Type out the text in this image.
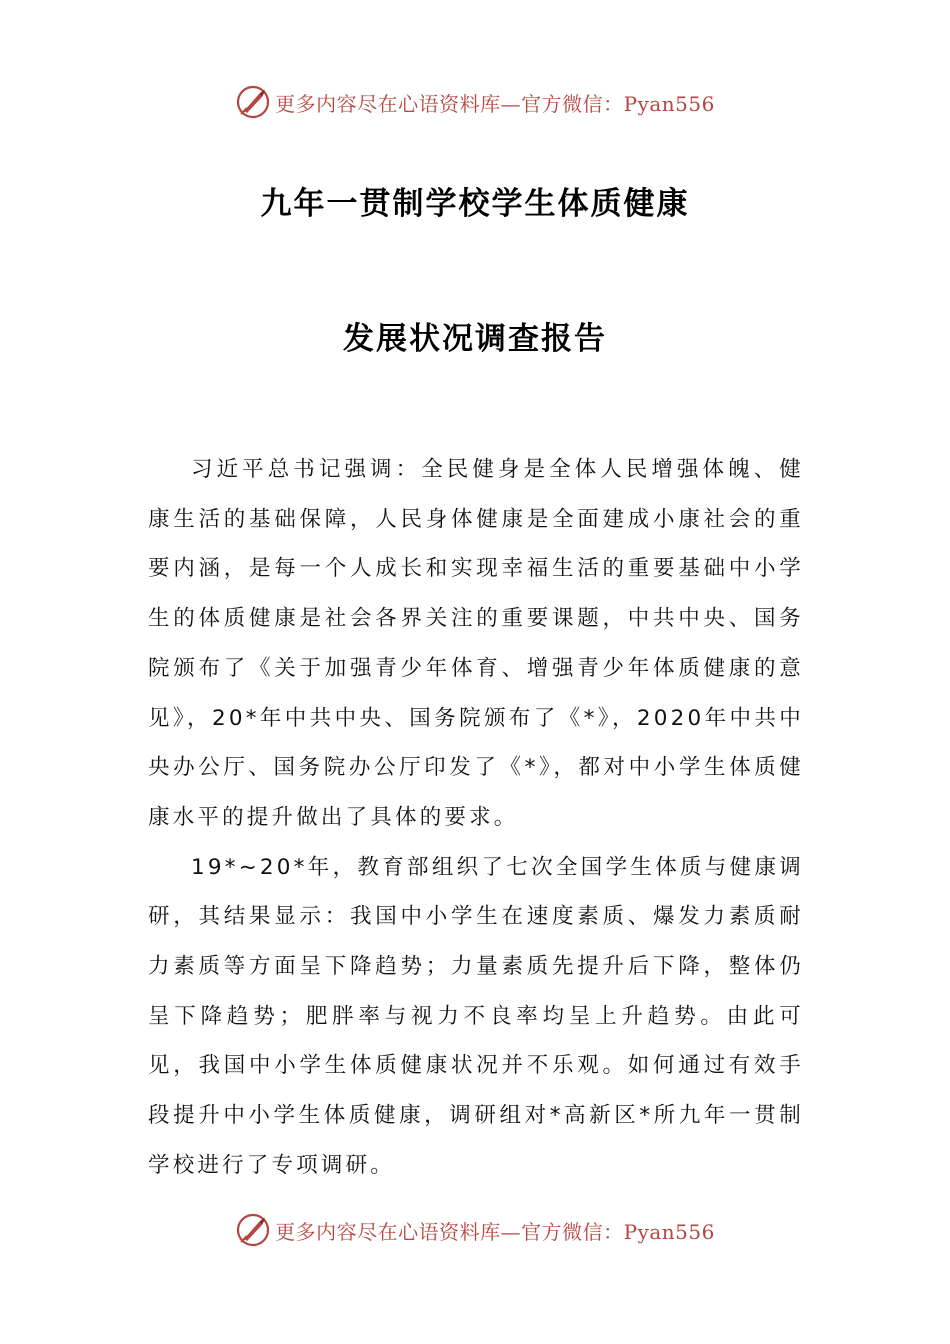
更多内容尽在心语资料库—官方微信：Pyan556
九年一贯制学校学生体质健康
发展状况调查报告

习近平总书记强调：全民健身是全体人民增强体魄、健康生活的基础保障，人民身体健康是全面建成小康社会的重要内涵，是每一个人成长和实现幸福生活的重要基础中小学生的体质健康是社会各界关注的重要课题，中共中央、国务院颁布了《关于加强青少年体育、增强青少年体质健康的意见》，20*年中共中央、国务院颁布了《*》，2020年中共中央办公厅、国务院办公厅印发了《*》，都对中小学生体质健康水平的提升做出了具体的要求。

19*~20*年，教育部组织了七次全国学生体质与健康调研，其结果显示：我国中小学生在速度素质、爆发力素质耐力素质等方面呈下降趋势；力量素质先提升后下降，整体仍呈下降趋势；肥胖率与视力不良率均呈上升趋势。由此可见，我国中小学生体质健康状况并不乐观。如何通过有效手段提升中小学生体质健康，调研组对*高新区*所九年一贯制学校进行了专项调研。

更多内容尽在心语资料库—官方微信：Pyan556
